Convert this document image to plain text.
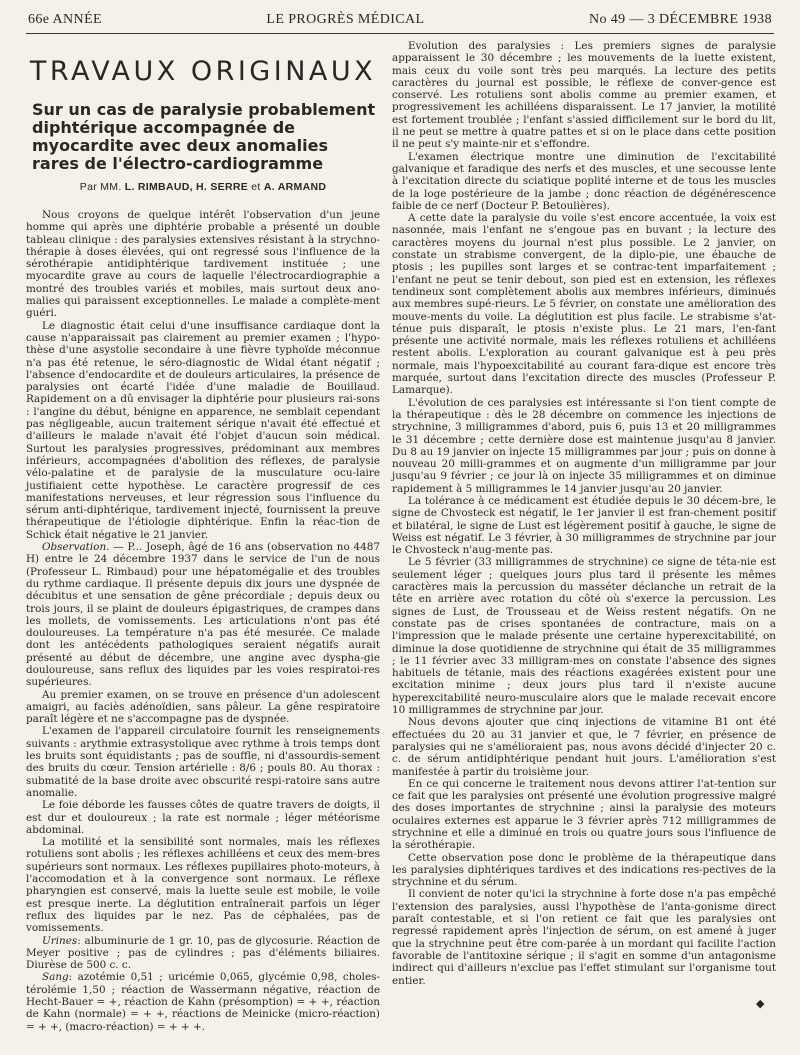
66e ANNÉE	LE PROGRÈS MÉDICAL	No 49 — 3 DÉCEMBRE 1938
TRAVAUX ORIGINAUX
Sur un cas de paralysie probablement diphtérique accompagnée de myocardite avec deux anomalies rares de l'électro-cardiogramme
Par MM. L. RIMBAUD, H. SERRE et A. ARMAND

Nous croyons de quelque intérêt l'observation d'un jeune homme qui après une diphtérie probable a présenté un double tableau clinique : des paralysies extensives résistant à la strychno-thérapie à doses élevées, qui ont regressé sous l'influence de la sérothérapie antidiphtérique tardivement instituée ; une myocardite grave au cours de laquelle l'électrocardiographie a montré des troubles variés et mobiles, mais surtout deux ano-malies qui paraissent exceptionnelles. Le malade a complète-ment guéri.

Le diagnostic était celui d'une insuffisance cardiaque dont la cause n'apparaissait pas clairement au premier examen ; l'hypo-thèse d'une asystolie secondaire à une fièvre typhoïde méconnue n'a pas été retenue, le séro-diagnostic de Widal étant négatif ; l'absence d'endocardite et de douleurs articulaires, la présence de paralysies ont écarté l'idée d'une maladie de Bouillaud. Rapidement on a dû envisager la diphtérie pour plusieurs rai-sons : l'angine du début, bénigne en apparence, ne semblait cependant pas négligeable, aucun traitement sérique n'avait été effectué et d'ailleurs le malade n'avait été l'objet d'aucun soin médical. Surtout les paralysies progressives, prédominant aux membres inférieurs, accompagnées d'abolition des réflexes, de paralysie vélo-palatine et de paralysie de la musculature ocu-laire justifiaient cette hypothèse. Le caractère progressif de ces manifestations nerveuses, et leur régression sous l'influence du sérum anti-diphtérique, tardivement injecté, fournissent la preuve thérapeutique de l'étiologie diphtérique. Enfin la réac-tion de Schick était négative le 21 janvier.

Observation. — P... Joseph, âgé de 16 ans (observation no 4487 H) entre le 24 décembre 1937 dans le service de l'un de nous (Professeur L. Rimbaud) pour une hépatomégalie et des troubles du rythme cardiaque. Il présente depuis dix jours une dyspnée de décubitus et une sensation de gêne précordiale ; depuis deux ou trois jours, il se plaint de douleurs épigastriques, de crampes dans les mollets, de vomissements. Les articulations n'ont pas été douloureuses. La température n'a pas été mesurée. Ce malade dont les antécédents pathologiques seraient négatifs aurait présenté au début de décembre, une angine avec dyspha-gie douloureuse, sans reflux des liquides par les voies respiratoi-res supérieures.

Au premier examen, on se trouve en présence d'un adolescent amaigri, au faciès adénoïdien, sans pâleur. La gêne respiratoire paraît légère et ne s'accompagne pas de dyspnée.

L'examen de l'appareil circulatoire fournit les renseignements suivants : arythmie extrasystolique avec rythme à trois temps dont les bruits sont équidistants ; pas de souffle, ni d'assourdis-sement des bruits du cœur. Tension artérielle : 8/6 ; pouls 80. Au thorax : submatité de la base droite avec obscurité respi-ratoire sans autre anomalie.

Le foie déborde les fausses côtes de quatre travers de doigts, il est dur et douloureux ; la rate est normale ; léger météorisme abdominal.

La motilité et la sensibilité sont normales, mais les réflexes rotuliens sont abolis ; les réflexes achilléens et ceux des mem-bres supérieurs sont normaux. Les réflexes pupillaires photo-moteurs, à l'accomodation et à la convergence sont normaux. Le réflexe pharyngien est conservé, mais la luette seule est mobile, le voile est presque inerte. La déglutition entraînerait parfois un léger reflux des liquides par le nez. Pas de céphalées, pas de vomissements.

Urines: albuminurie de 1 gr. 10, pas de glycosurie. Réaction de Meyer positive ; pas de cylindres ; pas d'éléments biliaires. Diurèse de 500 c. c.

Sang: azotémie 0,51 ; uricémie 0,065, glycémie 0,98, choles-térolémie 1,50 ; réaction de Wassermann négative, réaction de Hecht-Bauer = +, réaction de Kahn (présomption) = + +, réaction de Kahn (normale) = + +, réactions de Meinicke (micro-réaction) = + +, (macro-réaction) = + + +.

Evolution des paralysies : Les premiers signes de paralysie apparaissent le 30 décembre ; les mouvements de la luette existent, mais ceux du voile sont très peu marqués. La lecture des petits caractères du journal est possible, le réflexe de conver-gence est conservé. Les rotuliens sont abolis comme au premier examen, et progressivement les achilléens disparaissent. Le 17 janvier, la motilité est fortement troublée ; l'enfant s'assied difficilement sur le bord du lit, il ne peut se mettre à quatre pattes et si on le place dans cette position il ne peut s'y mainte-nir et s'effondre.

L'examen électrique montre une diminution de l'excitabilité galvanique et faradique des nerfs et des muscles, et une secousse lente à l'excitation directe du sciatique poplité interne et de tous les muscles de la loge postérieure de la jambe ; donc réaction de dégénérescence faible de ce nerf (Docteur P. Betoulières).

A cette date la paralysie du voile s'est encore accentuée, la voix est nasonnée, mais l'enfant ne s'engoue pas en buvant ; la lecture des caractères moyens du journal n'est plus possible. Le 2 janvier, on constate un strabisme convergent, de la diplo-pie, une ébauche de ptosis ; les pupilles sont larges et se contrac-tent imparfaitement ; l'enfant ne peut se tenir debout, son pied est en extension, les réflexes tendineux sont complètement abolis aux membres inférieurs, diminués aux membres supé-rieurs. Le 5 février, on constate une amélioration des mouve-ments du voile. La déglutition est plus facile. Le strabisme s'at-ténue puis disparaît, le ptosis n'existe plus. Le 21 mars, l'en-fant présente une activité normale, mais les réflexes rotuliens et achilléens restent abolis. L'exploration au courant galvanique est à peu près normale, mais l'hypoexcitabilité au courant fara-dique est encore très marquée, surtout dans l'excitation directe des muscles (Professeur P. Lamarque).

L'évolution de ces paralysies est intéressante si l'on tient compte de la thérapeutique : dès le 28 décembre on commence les injections de strychnine, 3 milligrammes d'abord, puis 6, puis 13 et 20 milligrammes le 31 décembre ; cette dernière dose est maintenue jusqu'au 8 janvier. Du 8 au 19 janvier on injecte 15 milligrammes par jour ; puis on donne à nouveau 20 milli-grammes et on augmente d'un milligramme par jour jusqu'au 9 février ; ce jour là on injecte 35 milligrammes et on diminue rapidement à 5 milligrammes le 14 janvier jusqu'au 20 janvier.

La tolérance à ce médicament est étudiée depuis le 30 décem-bre, le signe de Chvosteck est négatif, le 1er janvier il est fran-chement positif et bilatéral, le signe de Lust est légèrement positif à gauche, le signe de Weiss est négatif. Le 3 février, à 30 milligrammes de strychnine par jour le Chvosteck n'aug-mente pas.

Le 5 février (33 milligrammes de strychnine) ce signe de téta-nie est seulement léger ; quelques jours plus tard il présente les mêmes caractères mais la percussion du masséter déclanche un retrait de la tête en arrière avec rotation du côté où s'exerce la percussion. Les signes de Lust, de Trousseau et de Weiss restent négatifs. On ne constate pas de crises spontanées de contracture, mais on a l'impression que le malade présente une certaine hyperexcitabilité, on diminue la dose quotidienne de strychnine qui était de 35 milligrammes ; le 11 février avec 33 milligram-mes on constate l'absence des signes habituels de tétanie, mais des réactions exagérées existent pour une excitation minime ; deux jours plus tard il n'existe aucune hyperexcitabilité neuro-musculaire alors que le malade recevait encore 10 milligrammes de strychnine par jour.

Nous devons ajouter que cinq injections de vitamine B1 ont été effectuées du 20 au 31 janvier et que, le 7 février, en présence de paralysies qui ne s'amélioraient pas, nous avons décidé d'injecter 20 c. c. de sérum antidiphtérique pendant huit jours. L'amélioration s'est manifestée à partir du troisième jour.

En ce qui concerne le traitement nous devons attirer l'at-tention sur ce fait que les paralysies ont présenté une évolution progressive malgré des doses importantes de strychnine ; ainsi la paralysie des moteurs oculaires externes est apparue le 3 février après 712 milligrammes de strychnine et elle a diminué en trois ou quatre jours sous l'influence de la sérothérapie.

Cette observation pose donc le problème de la thérapeutique dans les paralysies diphtériques tardives et des indications res-pectives de la strychnine et du sérum.

Il convient de noter qu'ici la strychnine à forte dose n'a pas empêché l'extension des paralysies, aussi l'hypothèse de l'anta-gonisme direct paraît contestable, et si l'on retient ce fait que les paralysies ont regressé rapidement après l'injection de sérum, on est amené à juger que la strychnine peut être com-parée à un mordant qui facilite l'action favorable de l'antitoxine sérique ; il s'agit en somme d'un antagonisme indirect qui d'ailleurs n'exclue pas l'effet stimulant sur l'organisme tout entier.

◆
